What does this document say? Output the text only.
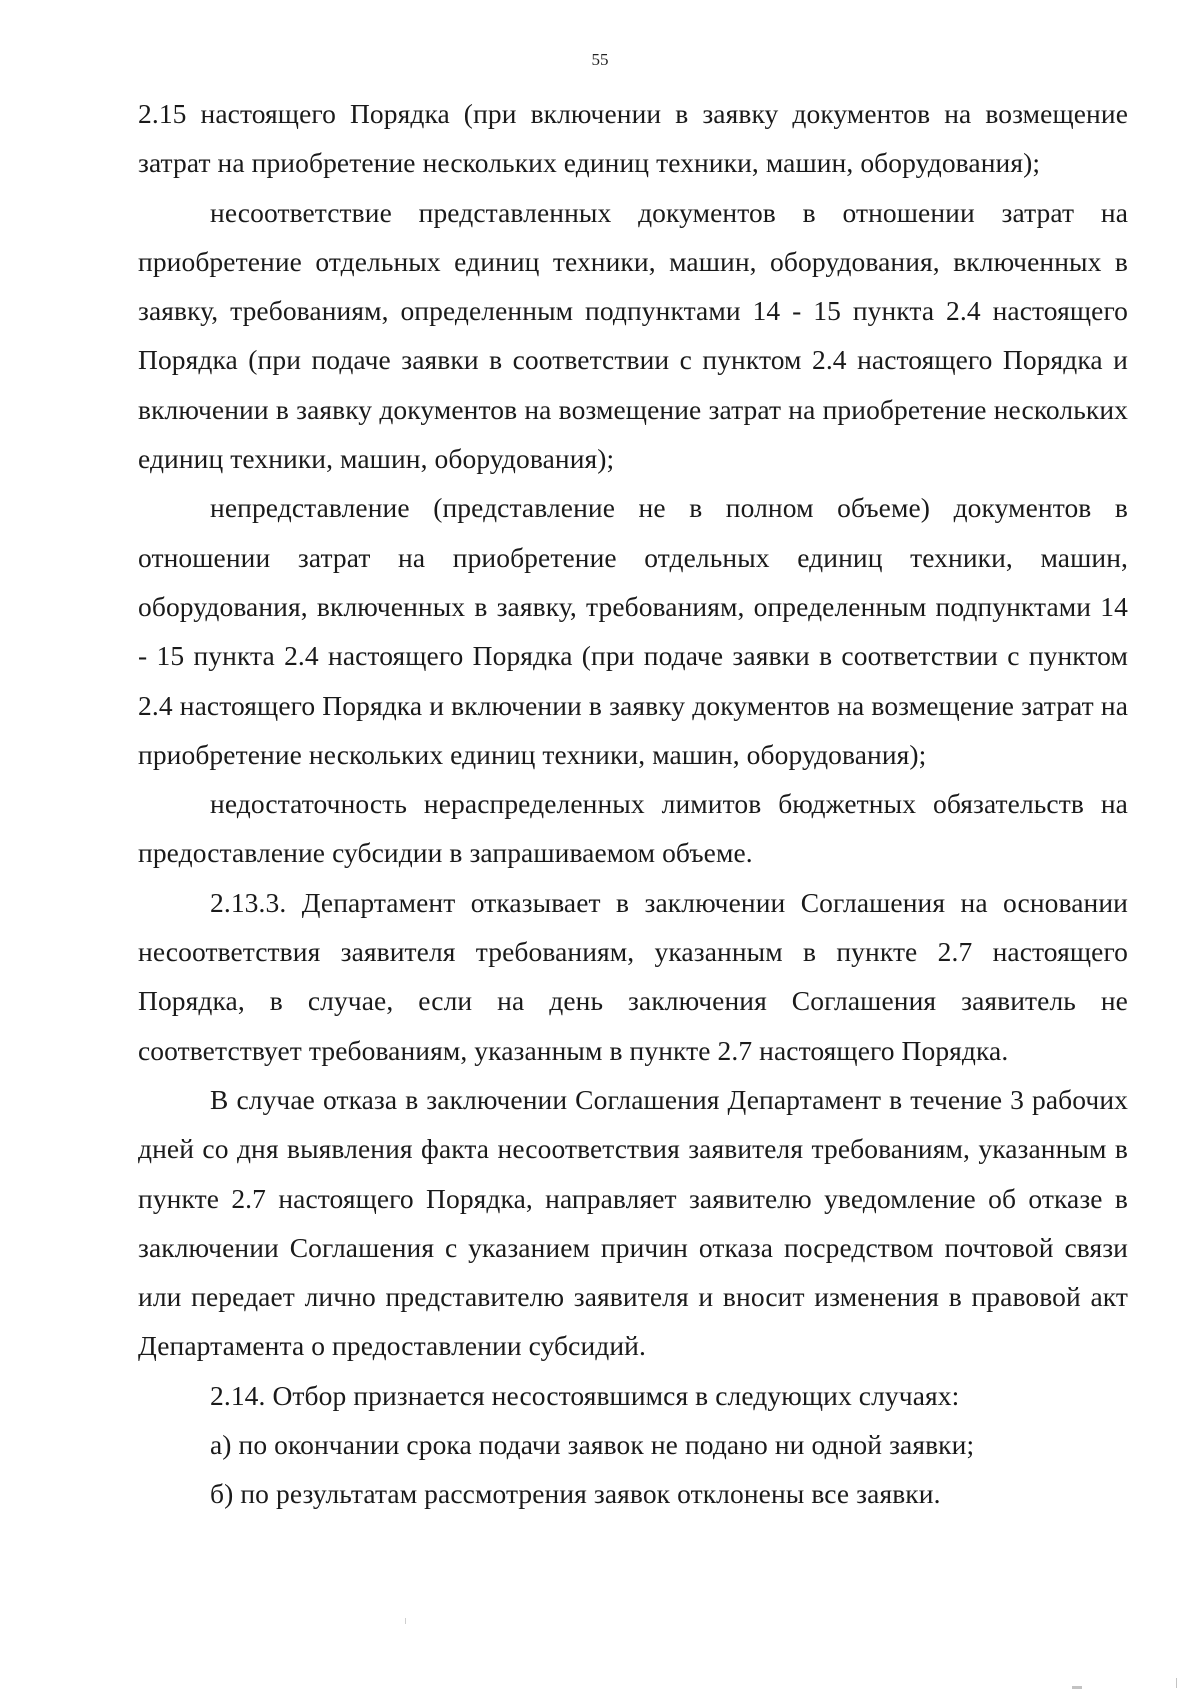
55

2.15 настоящего Порядка (при включении в заявку документов на возмещение затрат на приобретение нескольких единиц техники, машин, оборудования);

несоответствие представленных документов в отношении затрат на приобретение отдельных единиц техники, машин, оборудования, включенных в заявку, требованиям, определенным подпунктами 14 - 15 пункта 2.4 настоящего Порядка (при подаче заявки в соответствии с пунктом 2.4 настоящего Порядка и включении в заявку документов на возмещение затрат на приобретение нескольких единиц техники, машин, оборудования);

непредставление (представление не в полном объеме) документов в отношении затрат на приобретение отдельных единиц техники, машин, оборудования, включенных в заявку, требованиям, определенным подпунктами 14 - 15 пункта 2.4 настоящего Порядка (при подаче заявки в соответствии с пунктом 2.4 настоящего Порядка и включении в заявку документов на возмещение затрат на приобретение нескольких единиц техники, машин, оборудования);

недостаточность нераспределенных лимитов бюджетных обязательств на предоставление субсидии в запрашиваемом объеме.

2.13.3. Департамент отказывает в заключении Соглашения на основании несоответствия заявителя требованиям, указанным в пункте 2.7 настоящего Порядка, в случае, если на день заключения Соглашения заявитель не соответствует требованиям, указанным в пункте 2.7 настоящего Порядка.

В случае отказа в заключении Соглашения Департамент в течение 3 рабочих дней со дня выявления факта несоответствия заявителя требованиям, указанным в пункте 2.7 настоящего Порядка, направляет заявителю уведомление об отказе в заключении Соглашения с указанием причин отказа посредством почтовой связи или передает лично представителю заявителя и вносит изменения в правовой акт Департамента о предоставлении субсидий.

2.14. Отбор признается несостоявшимся в следующих случаях:

а) по окончании срока подачи заявок не подано ни одной заявки;

б) по результатам рассмотрения заявок отклонены все заявки.
